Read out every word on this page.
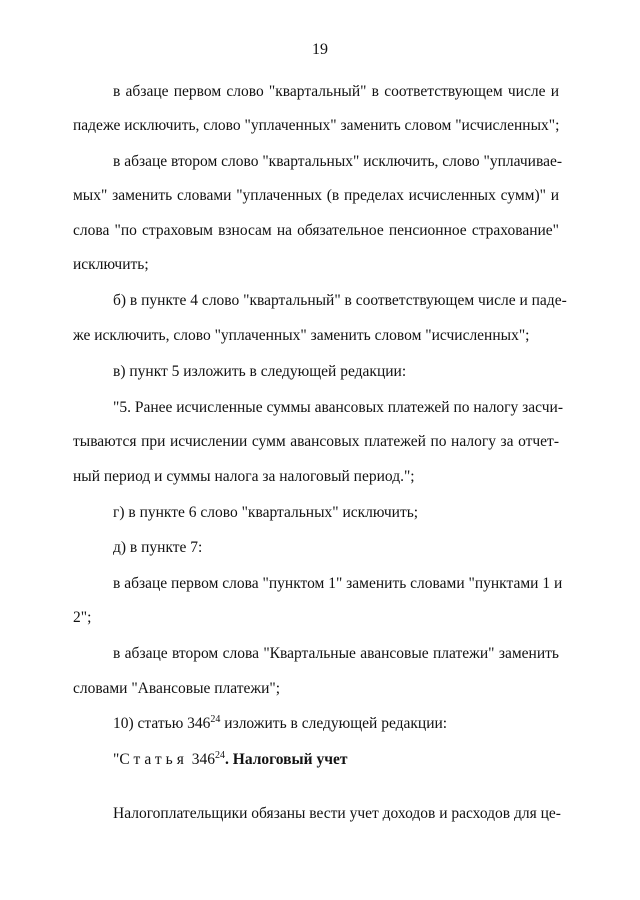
19
в абзаце первом слово "квартальный" в соответствующем числе и
падеже исключить, слово "уплаченных" заменить словом "исчисленных";
в абзаце втором слово "квартальных" исключить, слово "уплачивае-
мых" заменить словами "уплаченных (в пределах исчисленных сумм)" и
слова "по страховым взносам на обязательное пенсионное страхование"
исключить;
б) в пункте 4 слово "квартальный" в соответствующем числе и паде-
же исключить, слово "уплаченных" заменить словом "исчисленных";
в) пункт 5 изложить в следующей редакции:
"5. Ранее исчисленные суммы авансовых платежей по налогу засчи-
тываются при исчислении сумм авансовых платежей по налогу за отчет-
ный период и суммы налога за налоговый период.";
г) в пункте 6 слово "квартальных" исключить;
д) в пункте 7:
в абзаце первом слова "пунктом 1" заменить словами "пунктами 1 и
2";
в абзаце втором слова "Квартальные авансовые платежи" заменить
словами "Авансовые платежи";
10) статью $346^{24}$ изложить в следующей редакции:
"Статья $346^{24}$. Налоговый учет
Налогоплательщики обязаны вести учет доходов и расходов для це-
